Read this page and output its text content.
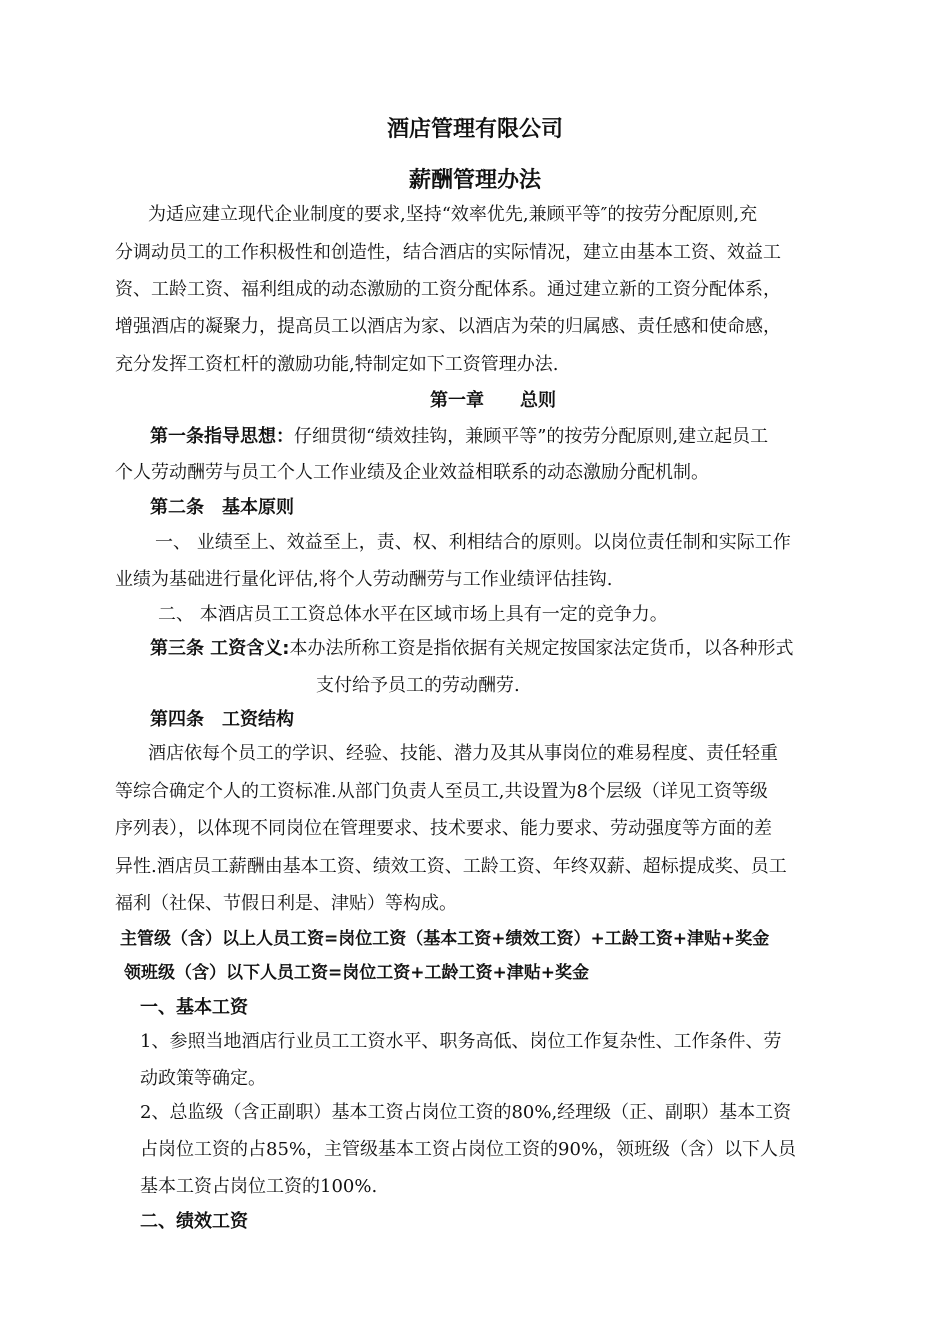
酒店管理有限公司
薪酬管理办法
为适应建立现代企业制度的要求,坚持“效率优先,兼顾平等″的按劳分配原则,充
分调动员工的工作积极性和创造性，结合酒店的实际情况，建立由基本工资、效益工
资、工龄工资、福利组成的动态激励的工资分配体系。通过建立新的工资分配体系，
增强酒店的凝聚力，提高员工以酒店为家、以酒店为荣的归属感、责任感和使命感，
充分发挥工资杠杆的激励功能,特制定如下工资管理办法.
第一章　　总则
第一条指导思想：仔细贯彻“绩效挂钩，兼顾平等”的按劳分配原则,建立起员工
个人劳动酬劳与员工个人工作业绩及企业效益相联系的动态激励分配机制。
第二条　基本原则
一、 业绩至上、效益至上，责、权、利相结合的原则。以岗位责任制和实际工作
业绩为基础进行量化评估,将个人劳动酬劳与工作业绩评估挂钩.
二、 本酒店员工工资总体水平在区域市场上具有一定的竞争力。
第三条 工资含义:本办法所称工资是指依据有关规定按国家法定货币，以各种形式
支付给予员工的劳动酬劳.
第四条　工资结构
酒店依每个员工的学识、经验、技能、潜力及其从事岗位的难易程度、责任轻重
等综合确定个人的工资标准.从部门负责人至员工,共设置为8个层级（详见工资等级
序列表），以体现不同岗位在管理要求、技术要求、能力要求、劳动强度等方面的差
异性.酒店员工薪酬由基本工资、绩效工资、工龄工资、年终双薪、超标提成奖、员工
福利（社保、节假日利是、津贴）等构成。
主管级（含）以上人员工资=岗位工资（基本工资+绩效工资）+工龄工资+津贴+奖金
领班级（含）以下人员工资=岗位工资+工龄工资+津贴+奖金
一、基本工资
1、参照当地酒店行业员工工资水平、职务高低、岗位工作复杂性、工作条件、劳
动政策等确定。
2、总监级（含正副职）基本工资占岗位工资的80%,经理级（正、副职）基本工资
占岗位工资的占85%，主管级基本工资占岗位工资的90%，领班级（含）以下人员
基本工资占岗位工资的100%.
二、绩效工资
